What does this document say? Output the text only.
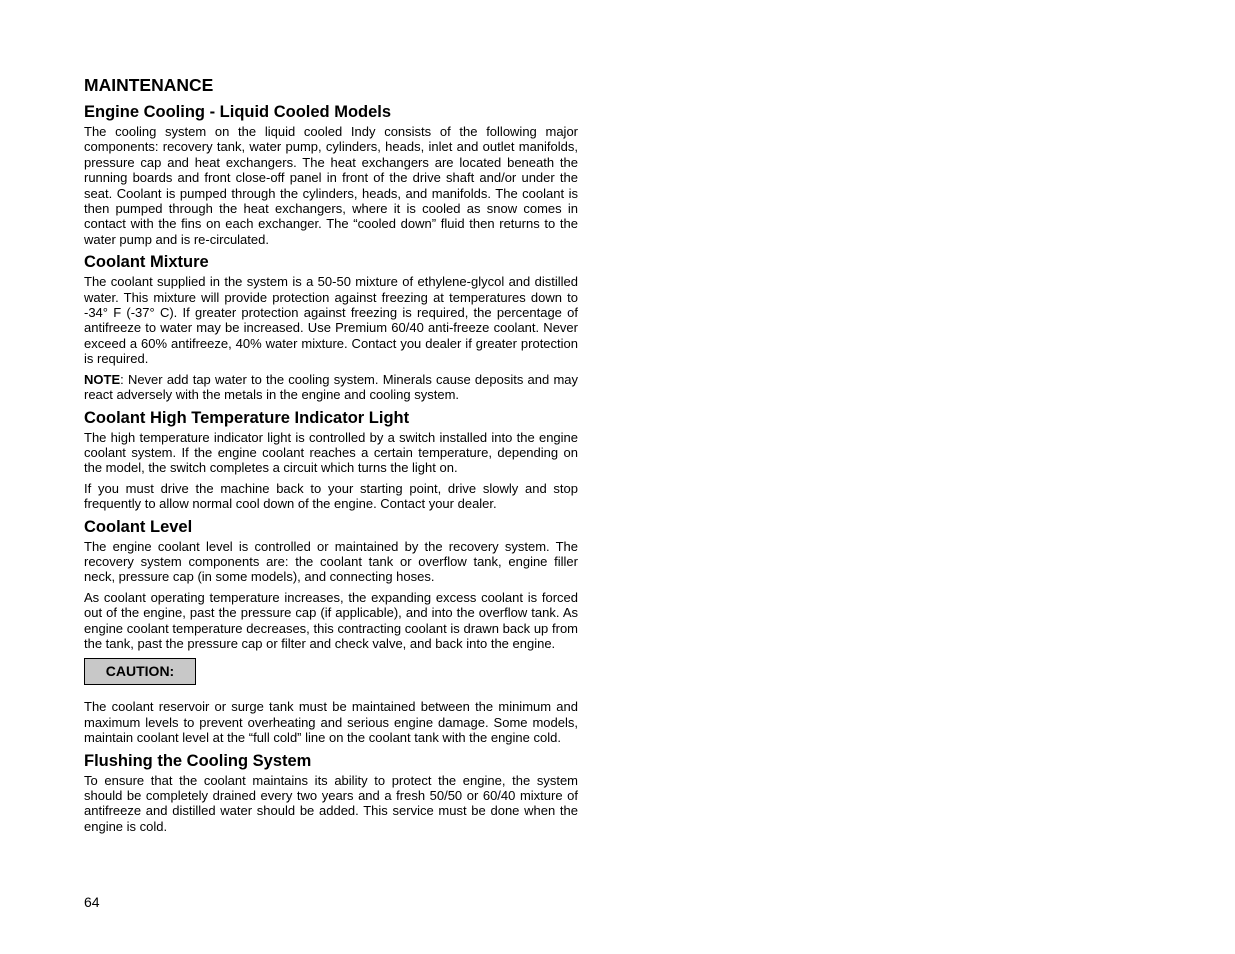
MAINTENANCE
Engine Cooling - Liquid Cooled Models

The cooling system on the liquid cooled Indy consists of the following major components: recovery tank, water pump, cylinders, heads, inlet and outlet manifolds, pressure cap and heat exchangers. The heat exchangers are located beneath the running boards and front close-off panel in front of the drive shaft and/or under the seat. Coolant is pumped through the cylinders, heads, and manifolds. The coolant is then pumped through the heat exchangers, where it is cooled as snow comes in contact with the fins on each exchanger. The “cooled down” fluid then returns to the water pump and is re-circulated.

Coolant Mixture

The coolant supplied in the system is a 50-50 mixture of ethylene-glycol and distilled water. This mixture will provide protection against freezing at temperatures down to -34° F (-37° C). If greater protection against freezing is required, the percentage of antifreeze to water may be increased. Use Premium 60/40 anti-freeze coolant. Never exceed a 60% antifreeze, 40% water mixture. Contact you dealer if greater protection is required.

NOTE: Never add tap water to the cooling system. Minerals cause deposits and may react adversely with the metals in the engine and cooling system.

Coolant High Temperature Indicator Light

The high temperature indicator light is controlled by a switch installed into the engine coolant system. If the engine coolant reaches a certain temperature, depending on the model, the switch completes a circuit which turns the light on.

If you must drive the machine back to your starting point, drive slowly and stop frequently to allow normal cool down of the engine. Contact your dealer.

Coolant Level

The engine coolant level is controlled or maintained by the recovery system. The recovery system components are: the coolant tank or overflow tank, engine filler neck, pressure cap (in some models), and connecting hoses.

As coolant operating temperature increases, the expanding excess coolant is forced out of the engine, past the pressure cap (if applicable), and into the overflow tank. As engine coolant temperature decreases, this contracting coolant is drawn back up from the tank, past the pressure cap or filter and check valve, and back into the engine.

CAUTION:

The coolant reservoir or surge tank must be maintained between the minimum and maximum levels to prevent overheating and serious engine damage. Some models, maintain coolant level at the “full cold” line on the coolant tank with the engine cold.

Flushing the Cooling System

To ensure that the coolant maintains its ability to protect the engine, the system should be completely drained every two years and a fresh 50/50 or 60/40 mixture of antifreeze and distilled water should be added. This service must be done when the engine is cold.

64
